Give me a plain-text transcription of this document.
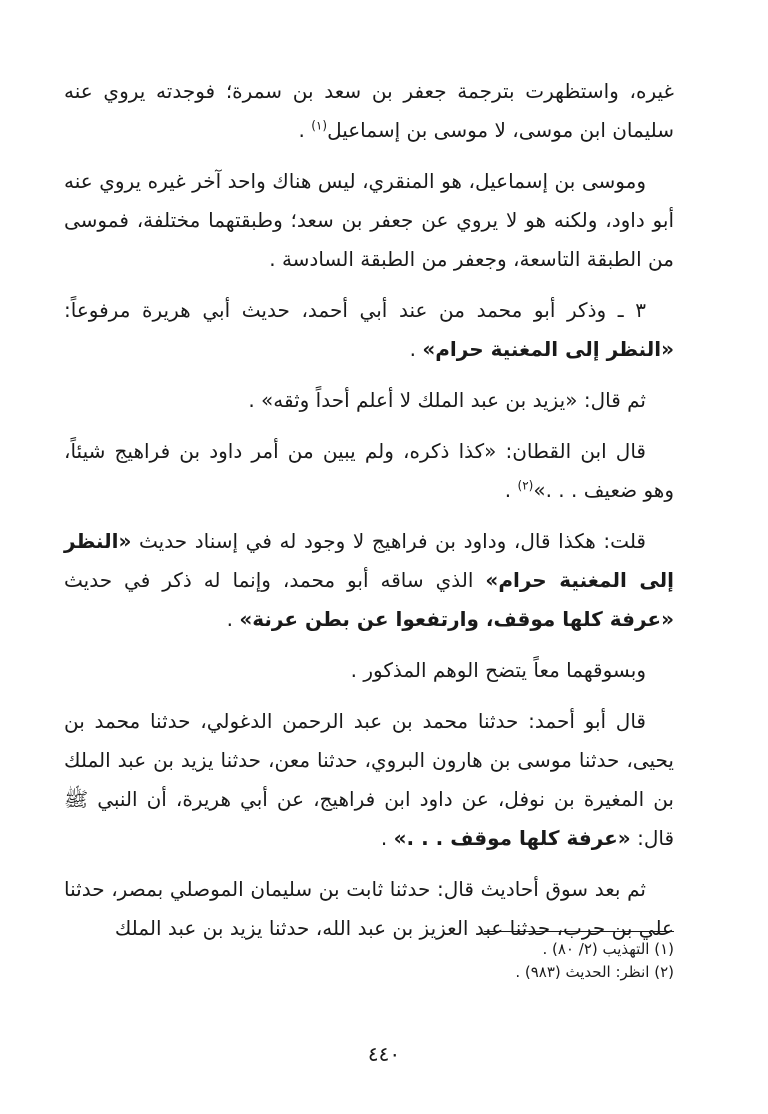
غيره، واستظهرت بترجمة جعفر بن سعد بن سمرة؛ فوجدته يروي عنه سليمان ابن موسى، لا موسى بن إسماعيل$^{(١)}$ .

وموسى بن إسماعيل، هو المنقري، ليس هناك واحد آخر غيره يروي عنه أبو داود، ولكنه هو لا يروي عن جعفر بن سعد؛ وطبقتهما مختلفة، فموسى من الطبقة التاسعة، وجعفر من الطبقة السادسة .

٣ ـ وذكر أبو محمد من عند أبي أحمد، حديث أبي هريرة مرفوعاً: «النظر إلى المغنية حرام» .

ثم قال: «يزيد بن عبد الملك لا أعلم أحداً وثقه» .

قال ابن القطان: «كذا ذكره، ولم يبين من أمر داود بن فراهيج شيئاً، وهو ضعيف . . .»$^{(٢)}$ .

قلت: هكذا قال، وداود بن فراهيج لا وجود له في إسناد حديث «النظر إلى المغنية حرام» الذي ساقه أبو محمد، وإنما له ذكر في حديث «عرفة كلها موقف، وارتفعوا عن بطن عرنة» .

وبسوقهما معاً يتضح الوهم المذكور .

قال أبو أحمد: حدثنا محمد بن عبد الرحمن الدغولي، حدثنا محمد بن يحيى، حدثنا موسى بن هارون البروي، حدثنا معن، حدثنا يزيد بن عبد الملك بن المغيرة بن نوفل، عن داود ابن فراهيج، عن أبي هريرة، أن النبي ﷺ قال: «عرفة كلها موقف . . .» .

ثم بعد سوق أحاديث قال: حدثنا ثابت بن سليمان الموصلي بمصر، حدثنا علي بن حرب، حدثنا عبد العزيز بن عبد الله، حدثنا يزيد بن عبد الملك

(١) التهذيب (٢/ ٨٠) .

(٢) انظر: الحديث (٩٨٣) .

٤٤٠
